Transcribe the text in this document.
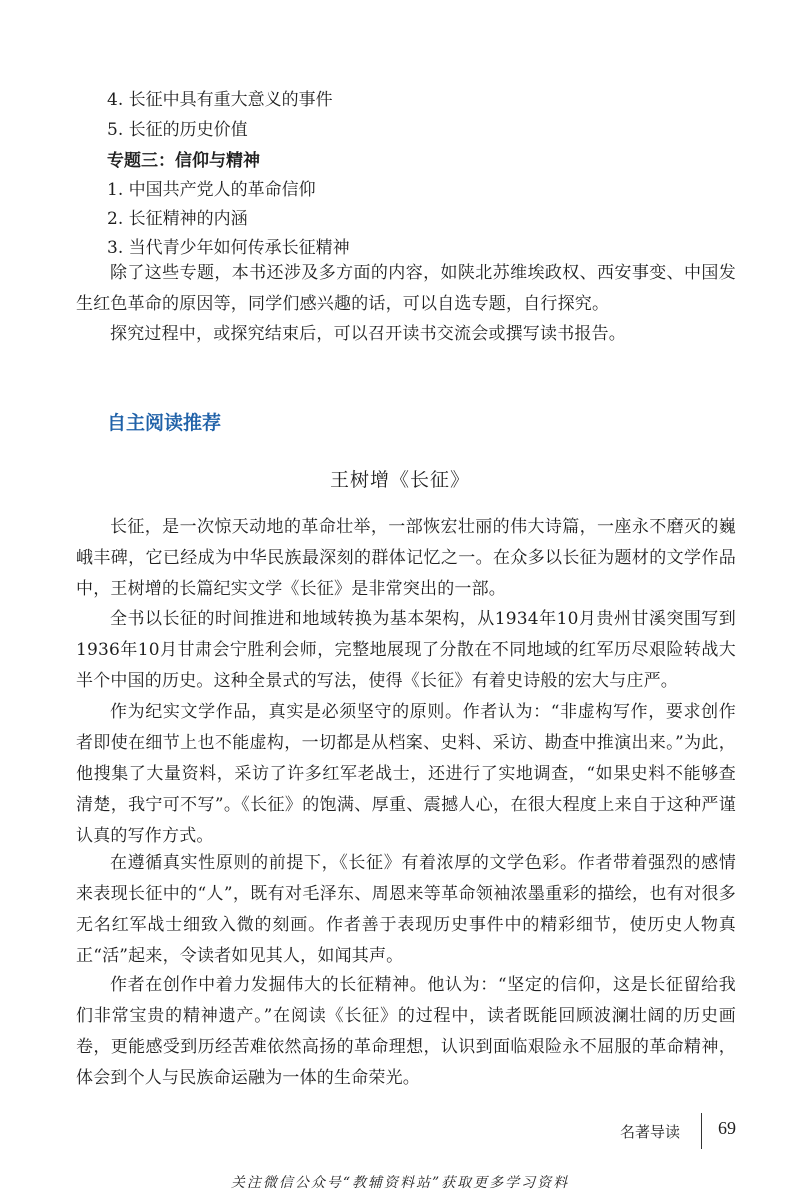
4. 长征中具有重大意义的事件
5. 长征的历史价值
专题三：信仰与精神
1. 中国共产党人的革命信仰
2. 长征精神的内涵
3. 当代青少年如何传承长征精神
除了这些专题，本书还涉及多方面的内容，如陕北苏维埃政权、西安事变、中国发生红色革命的原因等，同学们感兴趣的话，可以自选专题，自行探究。
探究过程中，或探究结束后，可以召开读书交流会或撰写读书报告。
自主阅读推荐
王树增《长征》
长征，是一次惊天动地的革命壮举，一部恢宏壮丽的伟大诗篇，一座永不磨灭的巍峨丰碑，它已经成为中华民族最深刻的群体记忆之一。在众多以长征为题材的文学作品中，王树增的长篇纪实文学《长征》是非常突出的一部。
全书以长征的时间推进和地域转换为基本架构，从1934年10月贵州甘溪突围写到1936年10月甘肃会宁胜利会师，完整地展现了分散在不同地域的红军历尽艰险转战大半个中国的历史。这种全景式的写法，使得《长征》有着史诗般的宏大与庄严。
作为纪实文学作品，真实是必须坚守的原则。作者认为：“非虚构写作，要求创作者即使在细节上也不能虚构，一切都是从档案、史料、采访、勘查中推演出来。”为此，他搜集了大量资料，采访了许多红军老战士，还进行了实地调查，“如果史料不能够查清楚，我宁可不写”。《长征》的饱满、厚重、震撼人心，在很大程度上来自于这种严谨认真的写作方式。
在遵循真实性原则的前提下，《长征》有着浓厚的文学色彩。作者带着强烈的感情来表现长征中的“人”，既有对毛泽东、周恩来等革命领袖浓墨重彩的描绘，也有对很多无名红军战士细致入微的刻画。作者善于表现历史事件中的精彩细节，使历史人物真正“活”起来，令读者如见其人，如闻其声。
作者在创作中着力发掘伟大的长征精神。他认为：“坚定的信仰，这是长征留给我们非常宝贵的精神遗产。”在阅读《长征》的过程中，读者既能回顾波澜壮阔的历史画卷，更能感受到历经苦难依然高扬的革命理想，认识到面临艰险永不屈服的革命精神，体会到个人与民族命运融为一体的生命荣光。
名著导读 69
关注微信公众号“教辅资料站”获取更多学习资料
